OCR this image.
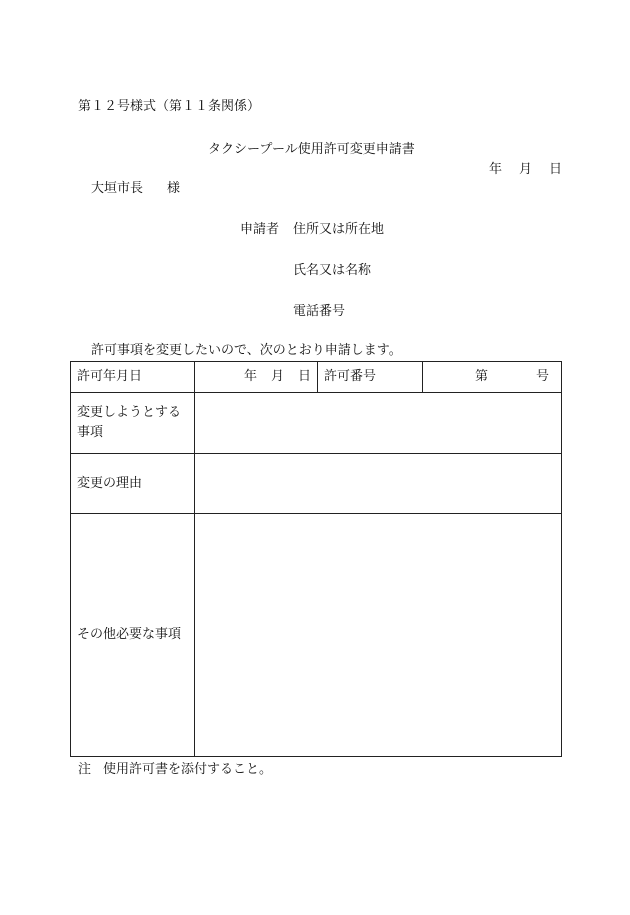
第１２号様式（第１１条関係）
タクシープール使用許可変更申請書
年 月 日
大垣市長 様
申請者 住所又は所在地
氏名又は名称
電話番号
許可事項を変更したいので、次のとおり申請します。
許可年月日	年 月 日	許可番号	第 号
変更しようとする事項			
変更の理由			
その他必要な事項			
注 使用許可書を添付すること。
